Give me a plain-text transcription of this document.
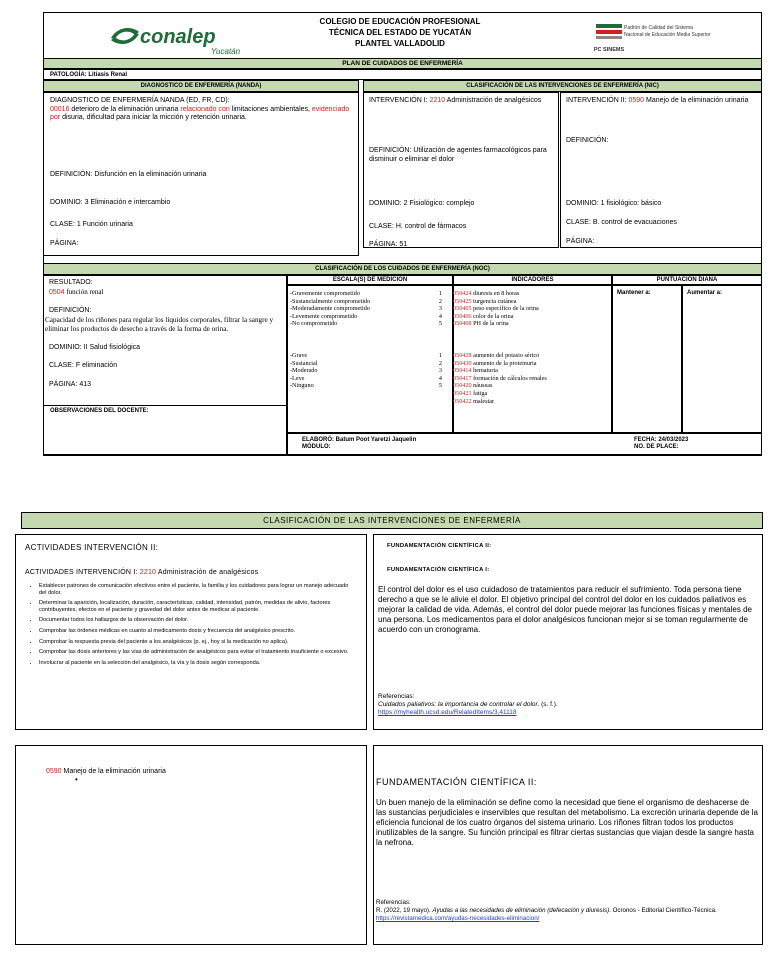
conalep
Yucatán
COLEGIO DE EDUCACIÓN PROFESIONAL
TÉCNICA DEL ESTADO DE YUCATÁN
PLANTEL VALLADOLID
PC SINEMS
Padrón de Calidad del Sistema
Nacional de Educación Media Superior
PLAN DE CUIDADOS DE ENFERMERÍA
PATOLOGÍA: Litiasis Renal
DIAGNOSTICO DE ENFERMERÍA (NANDA)
DIAGNOSTICO DE ENFERMERÍA NANDA (ED, FR, CD):
00016 deterioro de la eliminación urinaria relacionado con limitaciones ambientales, evidenciado por disuria, dificultad para iniciar la micción y retención urinaria.
DEFINICIÓN: Disfunción en la eliminación urinaria
DOMINIO: 3 Eliminación e intercambio
CLASE: 1 Función urinaria
PÁGINA:
CLASIFICACIÓN DE LAS INTERVENCIONES DE ENFERMERÍA (NIC)
INTERVENCIÓN I: 2210 Administración de analgésicos
DEFINICIÓN: Utilización de agentes farmacológicos para disminuir o eliminar el dolor
DOMINIO: 2 Fisiológico: complejo
CLASE: H. control de fármacos
PÁGINA: 51
INTERVENCIÓN II: 0590 Manejo de la eliminación urinaria
DEFINICIÓN:
DOMINIO: 1 fisiológico: básico
CLASE: B. control de evacuaciones
PÁGINA:
CLASIFICACIÓN DE LOS CUIDADOS DE ENFERMERÍA (NOC)
RESULTADO:
0504 función renal
DEFINICIÓN:
Capacidad de los riñones para regular los líquidos corporales, filtrar la sangre y eliminar los productos de desecho a través de la forma de orina.
DOMINIO: II Salud fisiológica
CLASE: F eliminación
PÁGINA: 413
OBSERVACIONES DEL DOCENTE:
ESCALA(S) DE MEDICIÓN	INDICADORES	PUNTUACIÓN DIANA
Mantener a:	Aumentar a:
-Gravemente comprometido	1
-Sustancialmente comprometido	2
-Moderadamente comprometido	3
-Levemente comprometido	4
-No comprometido	5
-Grave	1
-Sustancial	2
-Moderado	3
-Leve	4
-Ninguno	5
050424 diuresis en 8 horas
050425 turgencia cutánea
050405 peso específico de la orina
050406 color de la orina
050408 PH de la orina
050428 aumento del potasio sérico
050430 aumento de la proteinuria
050414 hematuria
050417 formación de cálculos renales
050420 náuseas
050421 fatiga
050422 malestar
ELABORÓ: Batum Poot Yaretzi Jaquelin
MÓDULO:
FECHA: 24/03/2023
NO. DE PLACE:
CLASIFICACIÓN DE LAS INTERVENCIONES DE ENFERMERÍA
ACTIVIDADES INTERVENCIÓN II:
ACTIVIDADES INTERVENCIÓN I: 2210 Administración de analgésicos
• Establecer patrones de comunicación efectivos entre el paciente, la familia y los cuidadores para lograr un manejo adecuado del dolor.
• Determinar la aparición, localización, duración, características, calidad, intensidad, patrón, medidas de alivio, factores contribuyentes, efectos en el paciente y gravedad del dolor antes de medicar al paciente.
• Documentar todos los hallazgos de la observación del dolor.
• Comprobar las órdenes médicas en cuanto al medicamento dosis y frecuencia del analgésico prescrito.
• Comprobar la respuesta previa del paciente a los analgésicos (p. ej., hoy si la medicación no aplica).
• Comprobar las dosis anteriores y las vías de administración de analgésicos para evitar el tratamiento insuficiente o excesivo.
• Involucrar al paciente en la selección del analgésico, la vía y la dosis según corresponda.
FUNDAMENTACIÓN CIENTÍFICA II:
FUNDAMENTACIÓN CIENTÍFICA I:
El control del dolor es el uso cuidadoso de tratamientos para reducir el sufrimiento. Toda persona tiene derecho a que se le alivie el dolor. El objetivo principal del control del dolor en los cuidados paliativos es mejorar la calidad de vida. Además, el control del dolor puede mejorar las funciones físicas y mentales de una persona. Los medicamentos para el dolor analgésicos funcionan mejor si se toman regularmente de acuerdo con un cronograma.
Referencias:
Cuidados paliativos: la importancia de controlar el dolor. (s. f.).
https://myhealth.ucsd.edu/RelatedItems/3,41118
0590 Manejo de la eliminación urinaria
•	FUNDAMENTACIÓN CIENTÍFICA II:
Un buen manejo de la eliminación se define como la necesidad que tiene el organismo de deshacerse de las sustancias perjudiciales e inservibles que resultan del metabolismo. La excreción urinaria depende de la eficiencia funcional de los cuatro órganos del sistema urinario. Los riñones filtran todos los productos inutilizables de la sangre. Su función principal es filtrar ciertas sustancias que viajan desde la sangre hasta la nefrona.
Referencias:
R. (2022, 19 mayo). Ayudas a las necesidades de eliminación (defecación y diuresis). Ocronos - Editorial Científico-Técnica. https://revistamedica.com/ayudas-necesidades-eliminacion/
